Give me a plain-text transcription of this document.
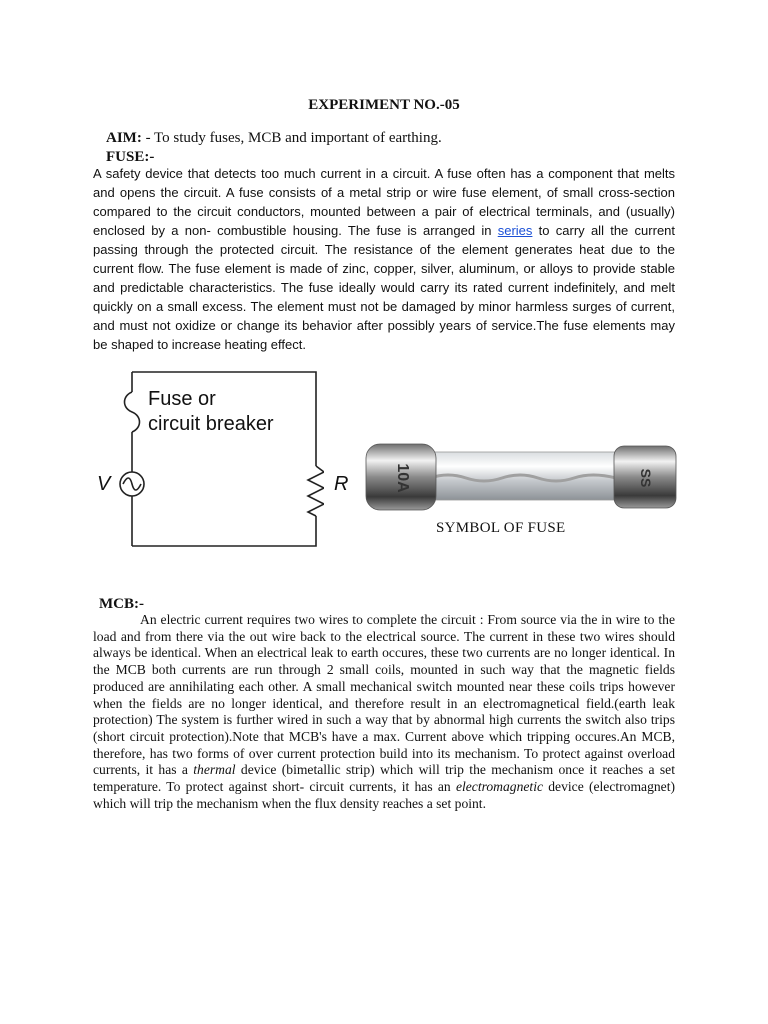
EXPERIMENT NO.-05
AIM: - To study fuses, MCB and important of earthing.
FUSE:-
A safety device that detects too much current in a circuit. A fuse often has a component that melts and opens the circuit. A fuse consists of a metal strip or wire fuse element, of small cross-section compared to the circuit conductors, mounted between a pair of electrical terminals, and (usually) enclosed by a non- combustible housing. The fuse is arranged in series to carry all the current passing through the protected circuit. The resistance of the element generates heat due to the current flow. The fuse element is made of zinc, copper, silver, aluminum, or alloys to provide stable and predictable characteristics. The fuse ideally would carry its rated current indefinitely, and melt quickly on a small excess. The element must not be damaged by minor harmless surges of current, and must not oxidize or change its behavior after possibly years of service.The fuse elements may be shaped to increase heating effect.
Fuse or
circuit breaker
V	R	10A	SS
SYMBOL OF FUSE
MCB:-
An electric current requires two wires to complete the circuit : From source via the in wire to the load and from there via the out wire back to the electrical source. The current in these two wires should always be identical. When an electrical leak to earth occures, these two currents are no longer identical. In the MCB both currents are run through 2 small coils, mounted in such way that the magnetic fields produced are annihilating each other. A small mechanical switch mounted near these coils trips however when the fields are no longer identical, and therefore result in an electromagnetical field.(earth leak protection) The system is further wired in such a way that by abnormal high currents the switch also trips (short circuit protection).Note that MCB's have a max. Current above which tripping occures.An MCB, therefore, has two forms of over current protection build into its mechanism. To protect against overload currents, it has a thermal device (bimetallic strip) which will trip the mechanism once it reaches a set temperature. To protect against short- circuit currents, it has an electromagnetic device (electromagnet) which will trip the mechanism when the flux density reaches a set point.
